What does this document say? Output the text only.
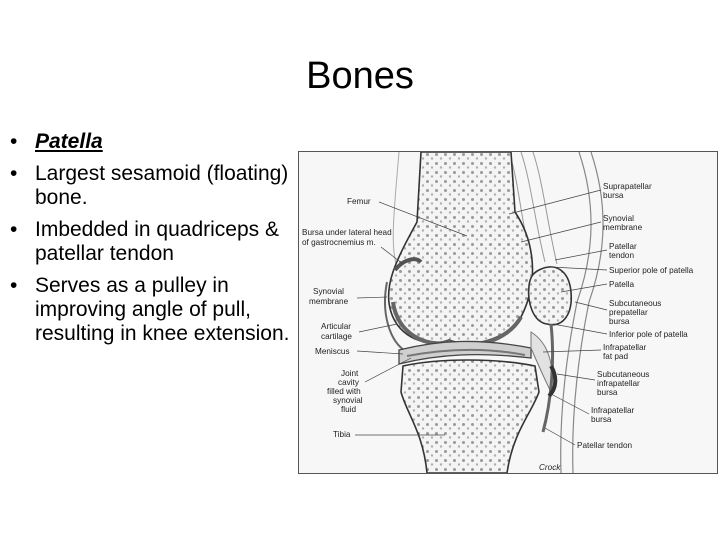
Bones
• Patella
• Largest sesamoid (floating) bone.
• Imbedded in quadriceps & patellar tendon
• Serves as a pulley in improving angle of pull, resulting in knee extension.
Femur
Bursa under lateral head
of gastrocnemius m.
Synovial
membrane
Articular
cartilage
Meniscus
Joint
cavity
filled with
synovial
fluid
Tibia
Suprapatellar
bursa
Synovial
membrane
Patellar
tendon
Superior pole of patella
Patella
Subcutaneous
prepatellar
bursa
Inferior pole of patella
Infrapatellar
fat pad
Subcutaneous
infrapatellar
bursa
Infrapatellar
bursa
Patellar tendon
Crock
